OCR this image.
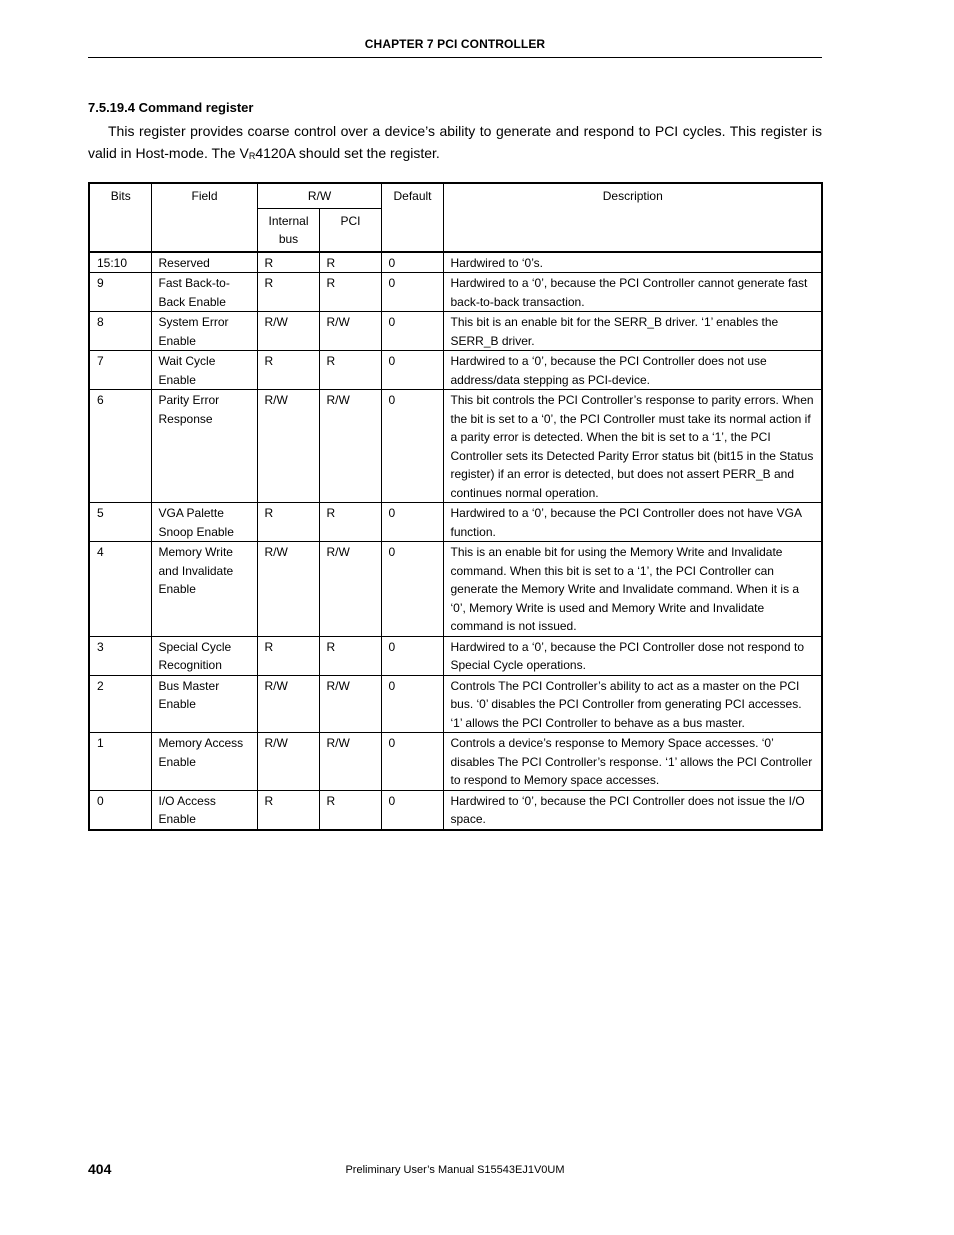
CHAPTER 7 PCI CONTROLLER
7.5.19.4 Command register
This register provides coarse control over a device’s ability to generate and respond to PCI cycles. This register is valid in Host-mode. The VR4120A should set the register.
Bits	Field	R/W		Default	Description
		Internal bus	PCI		
15:10	Reserved	R	R	0	Hardwired to ‘0’s.
9	Fast Back-to-Back Enable	R	R	0	Hardwired to a ‘0’, because the PCI Controller cannot generate fast back-to-back transaction.
8	System Error Enable	R/W	R/W	0	This bit is an enable bit for the SERR_B driver. ‘1’ enables the SERR_B driver.
7	Wait Cycle Enable	R	R	0	Hardwired to a ‘0’, because the PCI Controller does not use address/data stepping as PCI-device.
6	Parity Error Response	R/W	R/W	0	This bit controls the PCI Controller’s response to parity errors. When the bit is set to a ‘0’, the PCI Controller must take its normal action if a parity error is detected. When the bit is set to a ‘1’, the PCI Controller sets its Detected Parity Error status bit (bit15 in the Status register) if an error is detected, but does not assert PERR_B and continues normal operation.
5	VGA Palette Snoop Enable	R	R	0	Hardwired to a ‘0’, because the PCI Controller does not have VGA function.
4	Memory Write and Invalidate Enable	R/W	R/W	0	This is an enable bit for using the Memory Write and Invalidate command. When this bit is set to a ‘1’, the PCI Controller can generate the Memory Write and Invalidate command. When it is a ‘0’, Memory Write is used and Memory Write and Invalidate command is not issued.
3	Special Cycle Recognition	R	R	0	Hardwired to a ‘0’, because the PCI Controller dose not respond to Special Cycle operations.
2	Bus Master Enable	R/W	R/W	0	Controls The PCI Controller’s ability to act as a master on the PCI bus. ‘0’ disables the PCI Controller from generating PCI accesses. ‘1’ allows the PCI Controller to behave as a bus master.
1	Memory Access Enable	R/W	R/W	0	Controls a device’s response to Memory Space accesses. ‘0’ disables The PCI Controller’s response. ‘1’ allows the PCI Controller to respond to Memory space accesses.
0	I/O Access Enable	R	R	0	Hardwired to ‘0’, because the PCI Controller does not issue the I/O space.
404	Preliminary User’s Manual S15543EJ1V0UM
